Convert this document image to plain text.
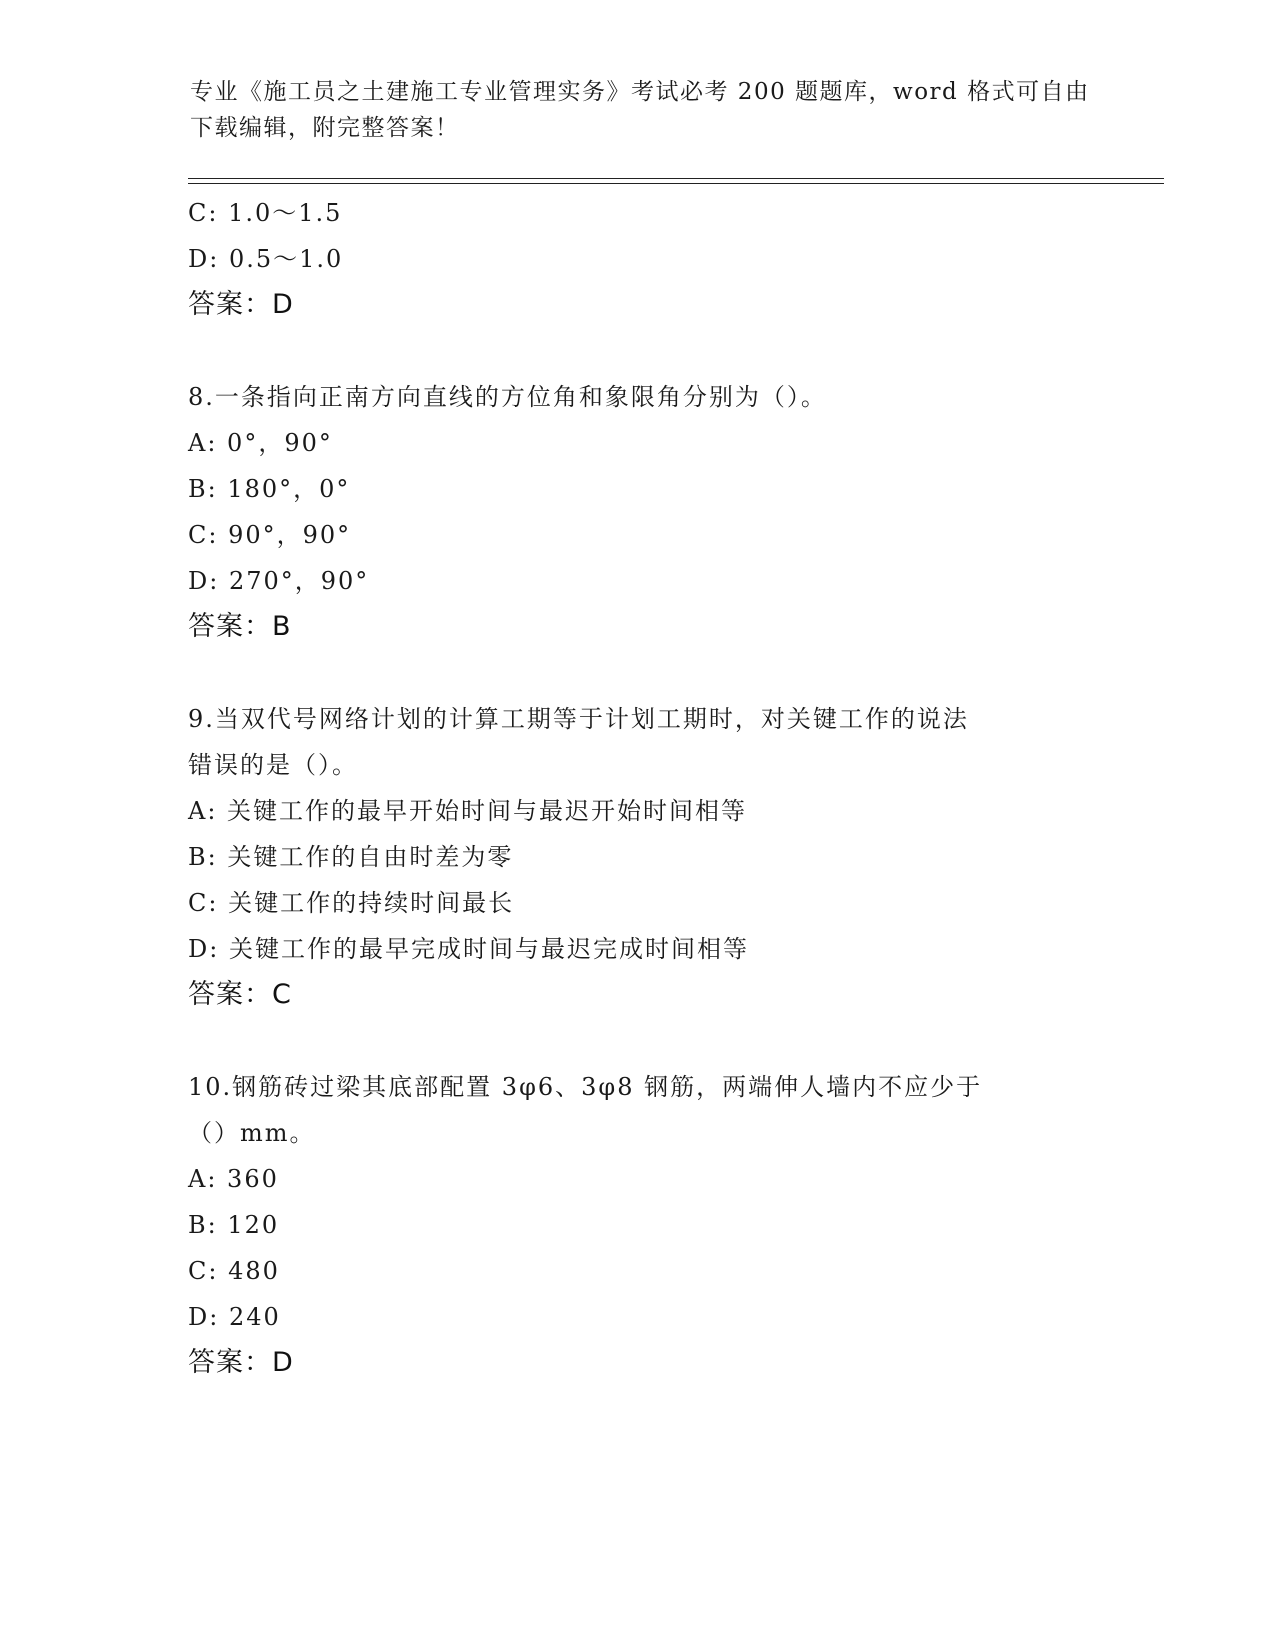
专业《施工员之土建施工专业管理实务》考试必考 200 题题库，word 格式可自由
下载编辑，附完整答案！
C: 1.0～1.5
D: 0.5～1.0
答案：D
8.一条指向正南方向直线的方位角和象限角分别为（）。
A: 0°，90°
B: 180°，0°
C: 90°，90°
D: 270°，90°
答案：B
9.当双代号网络计划的计算工期等于计划工期时，对关键工作的说法
错误的是（）。
A: 关键工作的最早开始时间与最迟开始时间相等
B: 关键工作的自由时差为零
C: 关键工作的持续时间最长
D: 关键工作的最早完成时间与最迟完成时间相等
答案：C
10.钢筋砖过梁其底部配置 3φ6、3φ8 钢筋，两端伸人墙内不应少于
（）mm。
A: 360
B: 120
C: 480
D: 240
答案：D
